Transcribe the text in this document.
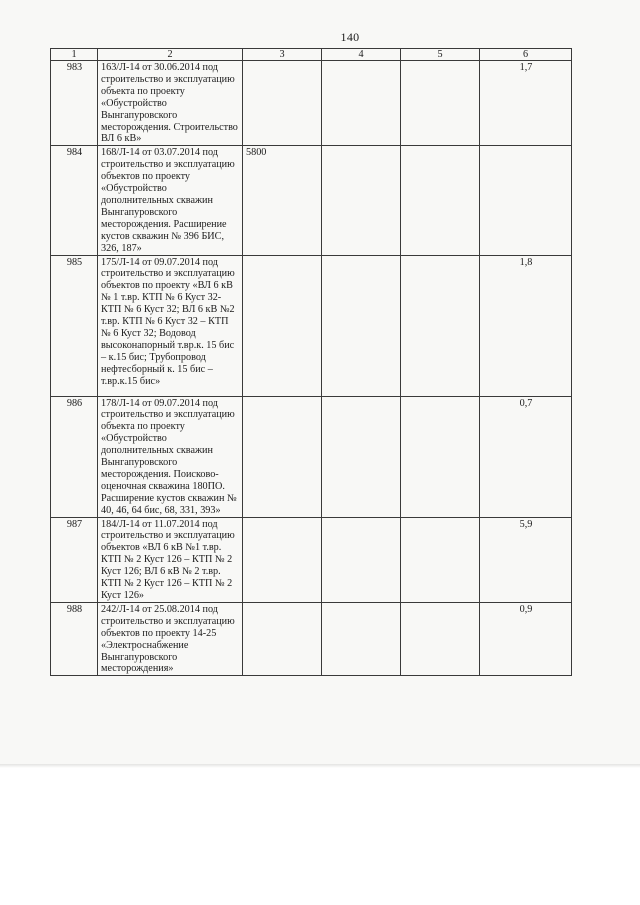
140
1	2	3	4	5	6
983	163/Л-14 от 30.06.2014 под строительство и эксплуатацию объекта по проекту «Обустройство Вынгапуровского месторождения. Строительство ВЛ 6 кВ»				1,7
984	168/Л-14 от 03.07.2014 под строительство и эксплуатацию объектов по проекту «Обустройство дополнительных скважин Вынгапуровского месторождения. Расширение кустов скважин № 396 БИС, 326, 187»	5800			
985	175/Л-14 от 09.07.2014 под строительство и эксплуатацию объектов по проекту «ВЛ 6 кВ № 1 т.вр. КТП № 6 Куст 32-КТП № 6 Куст 32; ВЛ 6 кВ №2 т.вр. КТП № 6 Куст 32 – КТП № 6 Куст 32; Водовод высоконапорный т.вр.к. 15 бис – к.15 бис; Трубопровод нефтесборный к. 15 бис – т.вр.к.15 бис»				1,8
986	178/Л-14 от 09.07.2014 под строительство и эксплуатацию объекта по проекту «Обустройство дополнительных скважин Вынгапуровского месторождения. Поисково-оценочная скважина 180ПО. Расширение кустов скважин № 40, 46, 64 бис, 68, 331, 393»				0,7
987	184/Л-14 от 11.07.2014 под строительство и эксплуатацию объектов «ВЛ 6 кВ №1 т.вр. КТП № 2 Куст 126 – КТП № 2 Куст 126; ВЛ 6 кВ № 2 т.вр. КТП № 2 Куст 126 – КТП № 2 Куст 126»				5,9
988	242/Л-14 от 25.08.2014 под строительство и эксплуатацию объектов по проекту 14-25 «Электроснабжение Вынгапуровского месторождения»				0,9
